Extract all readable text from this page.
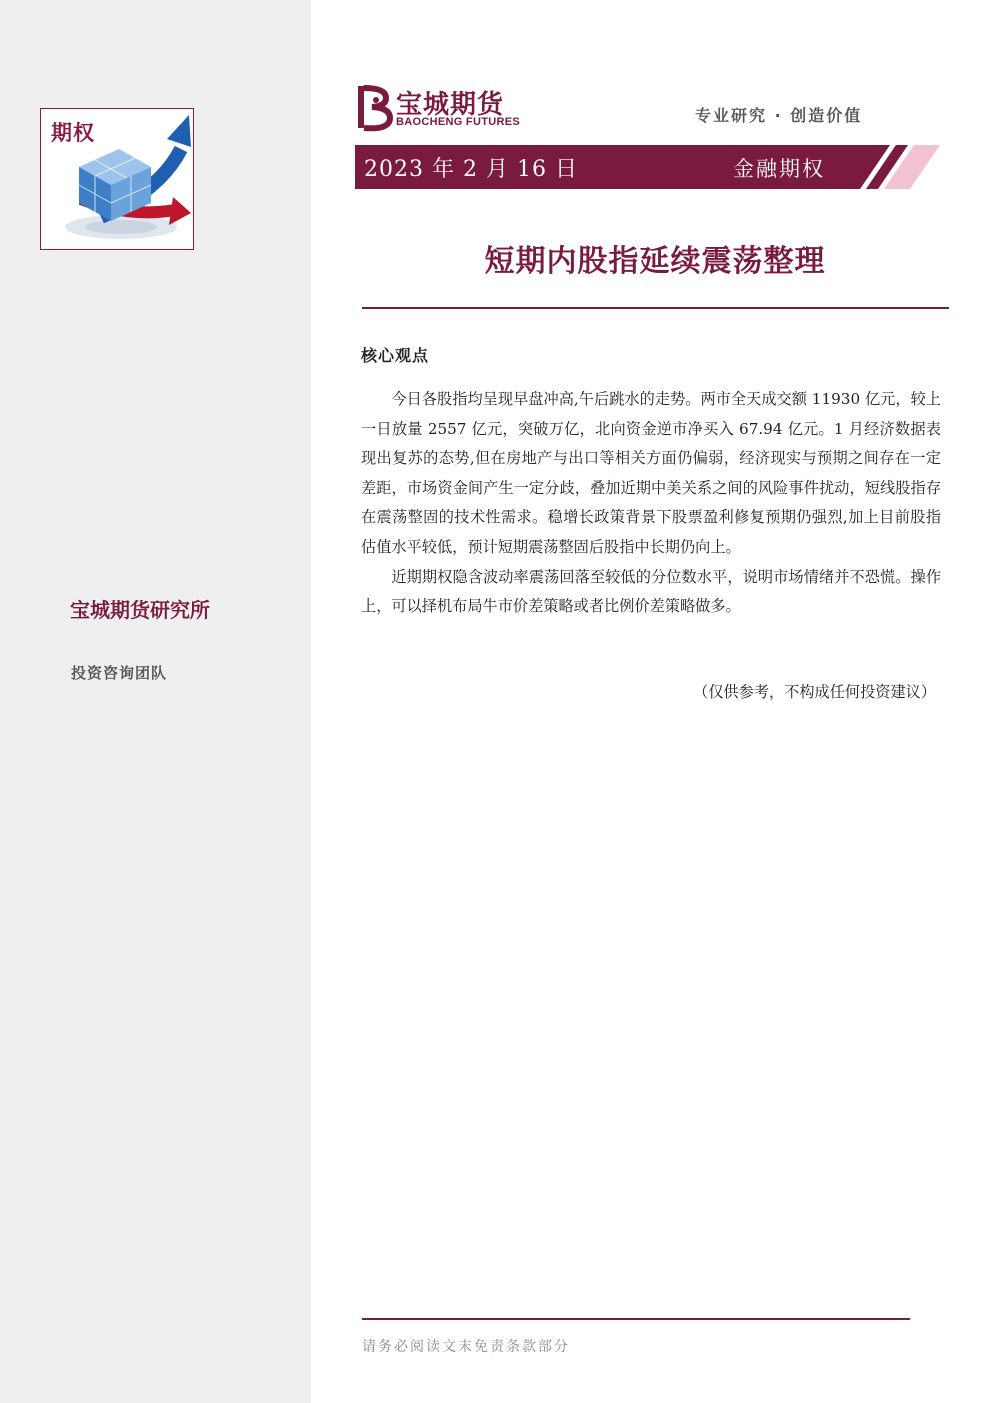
期权
宝城期货研究所
投资咨询团队
宝城期货
BAOCHENG FUTURES	专业研究 · 创造价值
2023 年 2 月 16 日	金融期权
短期内股指延续震荡整理
核心观点

今日各股指均呈现早盘冲高,午后跳水的走势。两市全天成交额 11930 亿元，较上一日放量 2557 亿元，突破万亿，北向资金逆市净买入 67.94 亿元。1 月经济数据表现出复苏的态势,但在房地产与出口等相关方面仍偏弱，经济现实与预期之间存在一定差距，市场资金间产生一定分歧，叠加近期中美关系之间的风险事件扰动，短线股指存在震荡整固的技术性需求。稳增长政策背景下股票盈利修复预期仍强烈,加上目前股指估值水平较低，预计短期震荡整固后股指中长期仍向上。

近期期权隐含波动率震荡回落至较低的分位数水平，说明市场情绪并不恐慌。操作上，可以择机布局牛市价差策略或者比例价差策略做多。

（仅供参考，不构成任何投资建议）
请务必阅读文末免责条款部分
